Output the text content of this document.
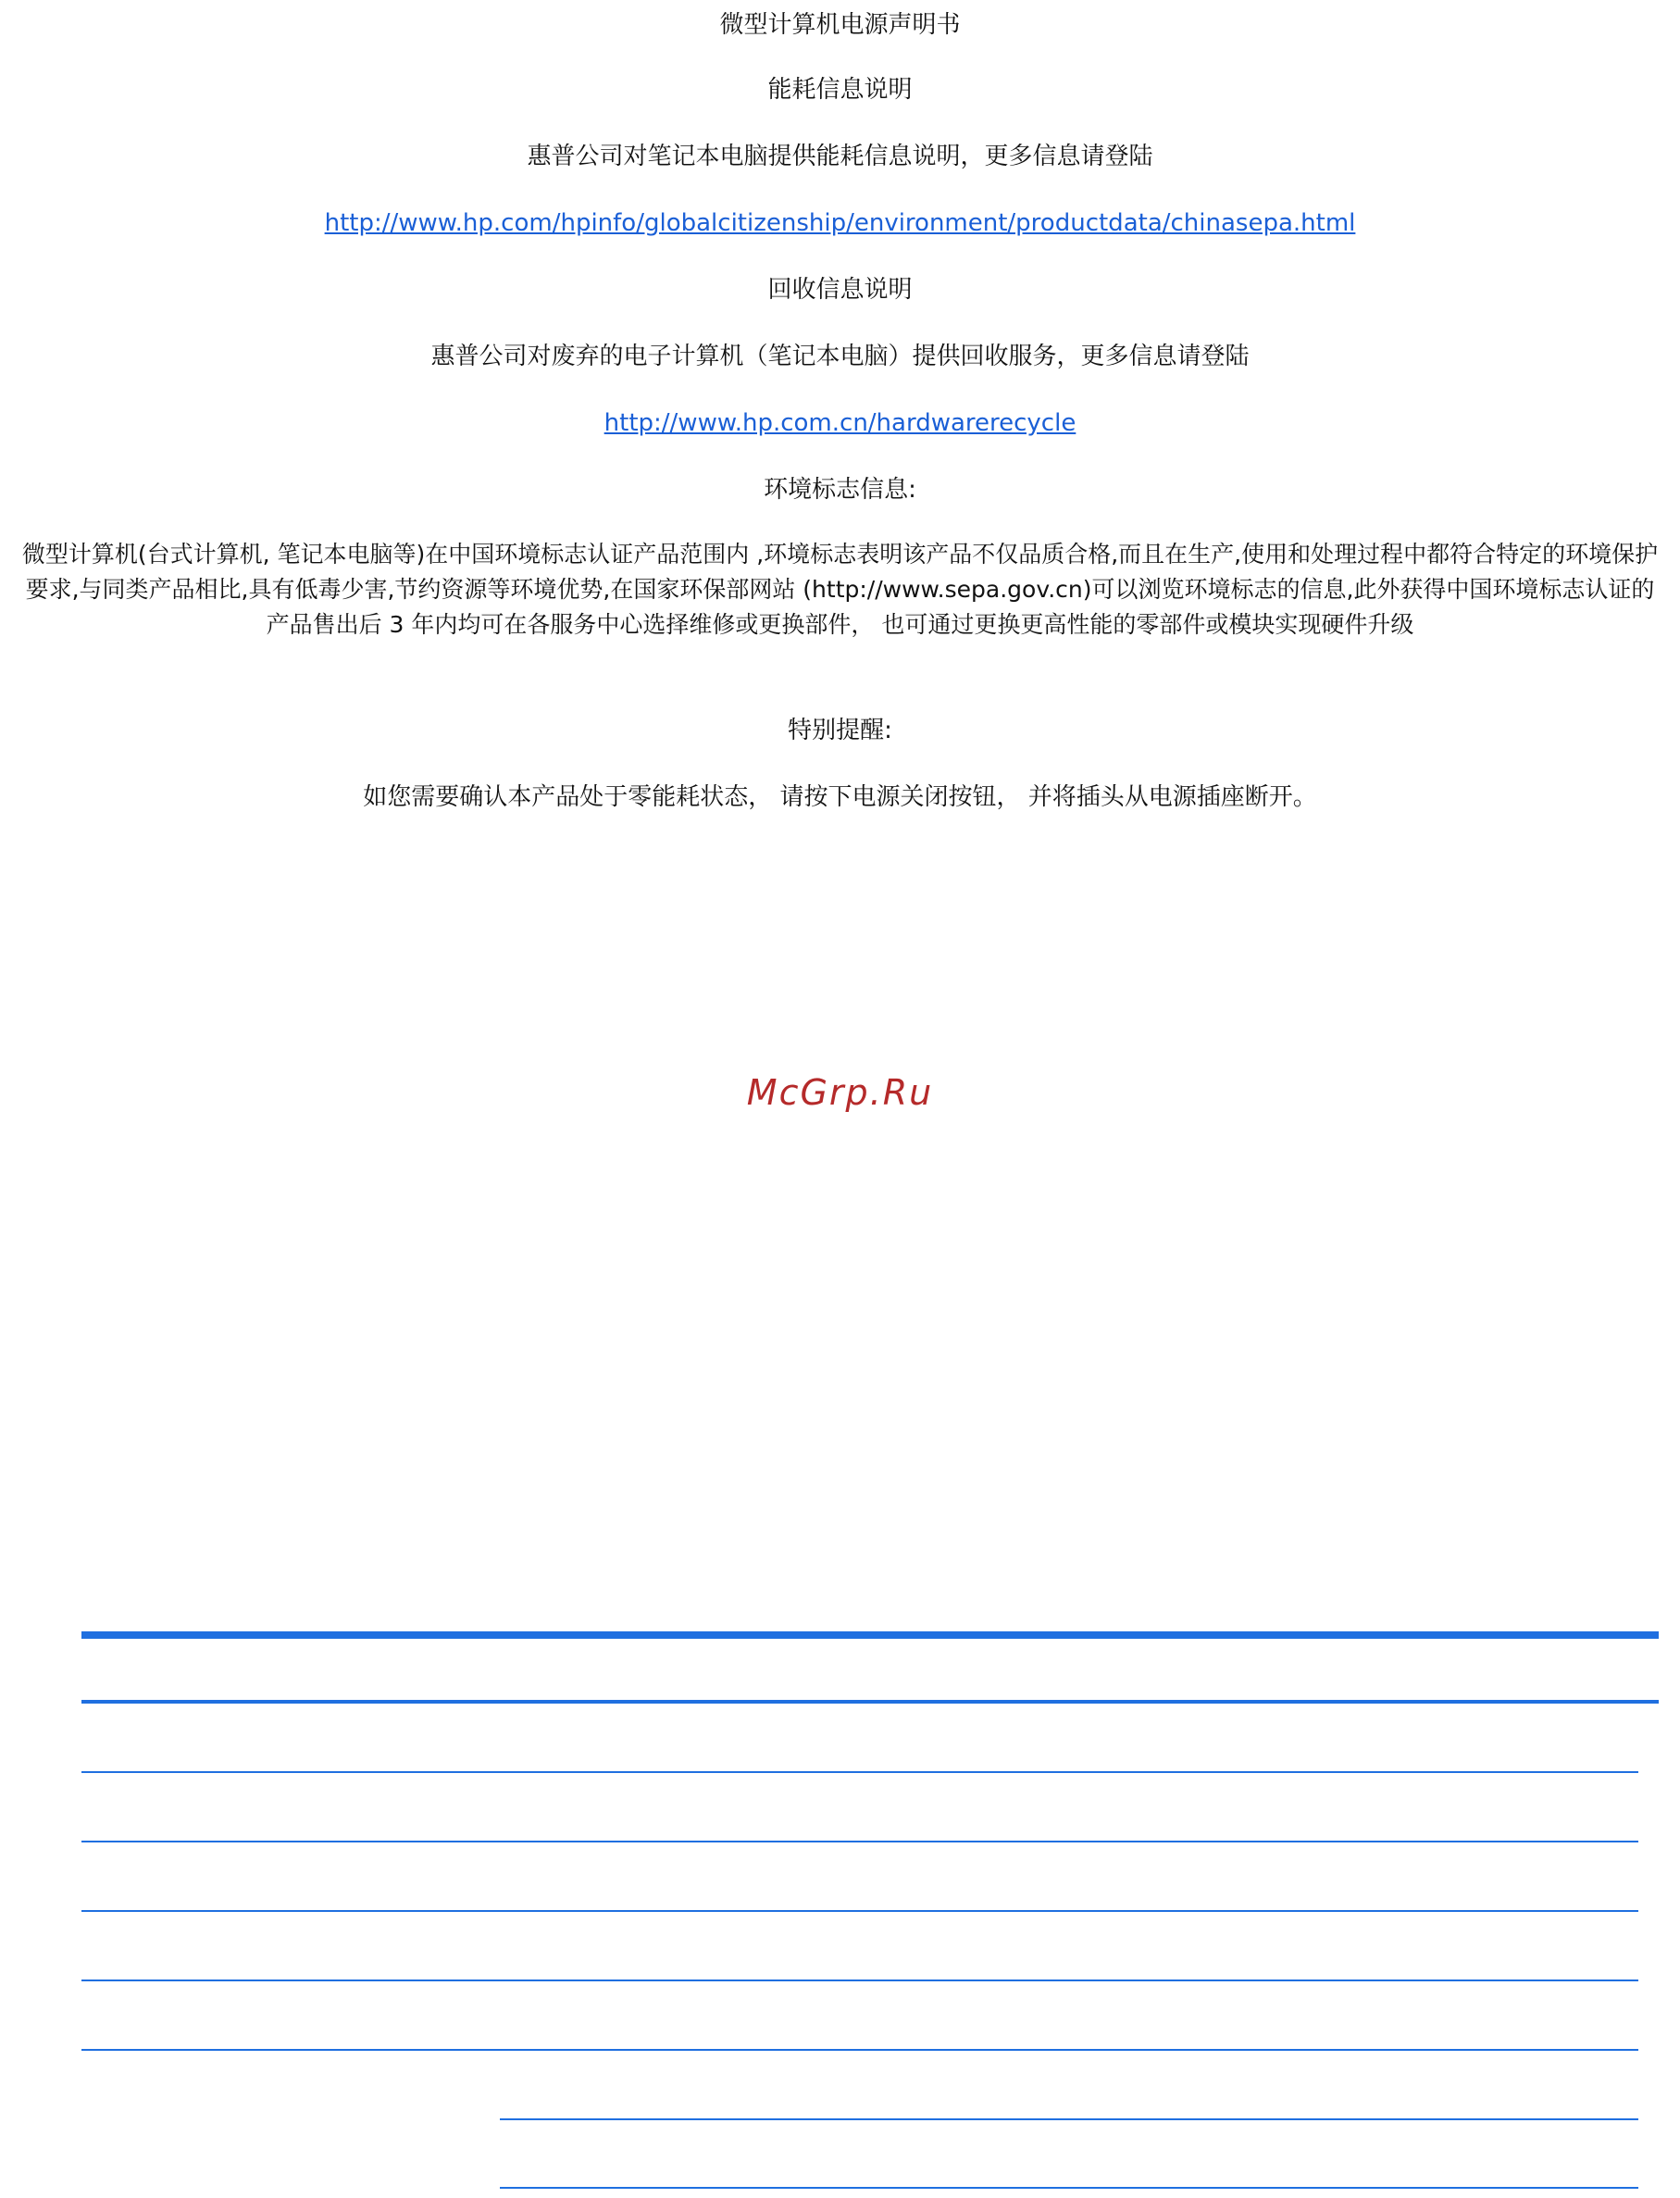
微型计算机电源声明书
能耗信息说明
惠普公司对笔记本电脑提供能耗信息说明，更多信息请登陆
http://www.hp.com/hpinfo/globalcitizenship/environment/productdata/chinasepa.html
回收信息说明
惠普公司对废弃的电子计算机（笔记本电脑）提供回收服务，更多信息请登陆
http://www.hp.com.cn/hardwarerecycle
环境标志信息:
微型计算机(台式计算机, 笔记本电脑等)在中国环境标志认证产品范围内 ,环境标志表明该产品不仅品质合格,而且在生产,使用和处理过程中都符合特定的环境保护要求,与同类产品相比,具有低毒少害,节约资源等环境优势,在国家环保部网站 (http://www.sepa.gov.cn)可以浏览环境标志的信息,此外获得中国环境标志认证的产品售出后 3 年内均可在各服务中心选择维修或更换部件， 也可通过更换更高性能的零部件或模块实现硬件升级
特别提醒:
如您需要确认本产品处于零能耗状态， 请按下电源关闭按钮， 并将插头从电源插座断开。
McGrp.Ru
